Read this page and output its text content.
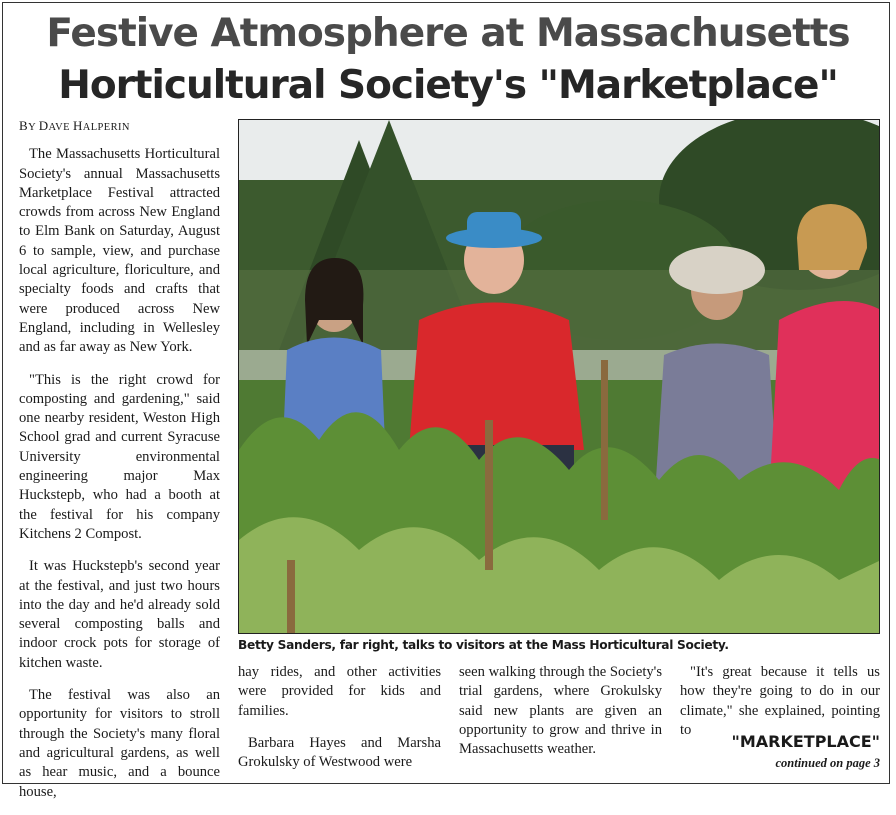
Festive Atmosphere at Massachusetts
Horticultural Society's "Marketplace"
BY DAVE HALPERIN

The Massachusetts Horticultural Society's annual Massachusetts Marketplace Festival attracted crowds from across New England to Elm Bank on Saturday, August 6 to sample, view, and purchase local agriculture, floriculture, and specialty foods and crafts that were produced across New England, including in Wellesley and as far away as New York.

"This is the right crowd for composting and gardening," said one nearby resident, Weston High School grad and current Syracuse University environmental engineering major Max Huckstepb, who had a booth at the festival for his company Kitchens 2 Compost.

It was Huckstepb's second year at the festival, and just two hours into the day and he'd already sold several composting balls and indoor crock pots for storage of kitchen waste.

The festival was also an opportunity for visitors to stroll through the Society's many floral and agricultural gardens, as well as hear music, and a bounce house,

Betty Sanders, far right, talks to visitors at the Mass Horticultural Society.

hay rides, and other activities were provided for kids and families.

Barbara Hayes and Marsha Grokulsky of Westwood were

seen walking through the Society's trial gardens, where Grokulsky said new plants are given an opportunity to grow and thrive in Massachusetts weather.

"It's great because it tells us how they're going to do in our climate," she explained, pointing to

"MARKETPLACE"
continued on page 3
